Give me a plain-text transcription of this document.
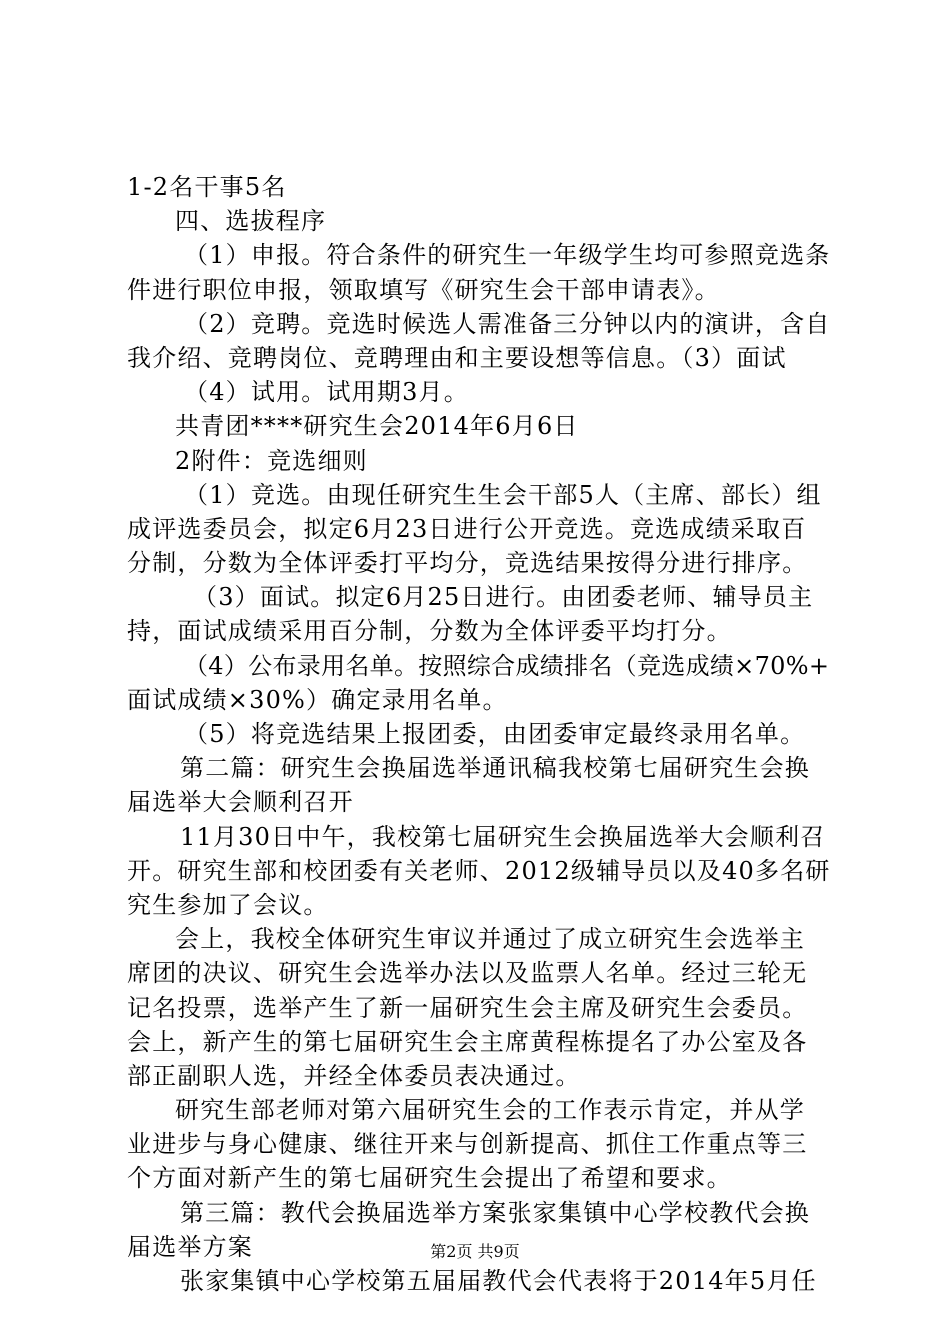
1-2名干事5名
四、选拔程序
（1）申报。符合条件的研究生一年级学生均可参照竞选条
件进行职位申报，领取填写《研究生会干部申请表》。
（2）竞聘。竞选时候选人需准备三分钟以内的演讲，含自
我介绍、竞聘岗位、竞聘理由和主要设想等信息。（3）面试
（4）试用。试用期3月。
共青团****研究生会2014年6月6日
2附件：竞选细则
（1）竞选。由现任研究生生会干部5人（主席、部长）组
成评选委员会，拟定6月23日进行公开竞选。竞选成绩采取百
分制，分数为全体评委打平均分，竞选结果按得分进行排序。
（3）面试。拟定6月25日进行。由团委老师、辅导员主
持，面试成绩采用百分制，分数为全体评委平均打分。
（4）公布录用名单。按照综合成绩排名（竞选成绩×70%+
面试成绩×30%）确定录用名单。
（5）将竞选结果上报团委，由团委审定最终录用名单。
第二篇：研究生会换届选举通讯稿我校第七届研究生会换
届选举大会顺利召开
11月30日中午，我校第七届研究生会换届选举大会顺利召
开。研究生部和校团委有关老师、2012级辅导员以及40多名研
究生参加了会议。
会上，我校全体研究生审议并通过了成立研究生会选举主
席团的决议、研究生会选举办法以及监票人名单。经过三轮无
记名投票，选举产生了新一届研究生会主席及研究生会委员。
会上，新产生的第七届研究生会主席黄程栋提名了办公室及各
部正副职人选，并经全体委员表决通过。
研究生部老师对第六届研究生会的工作表示肯定，并从学
业进步与身心健康、继往开来与创新提高、抓住工作重点等三
个方面对新产生的第七届研究生会提出了希望和要求。
第三篇：教代会换届选举方案张家集镇中心学校教代会换
届选举方案
张家集镇中心学校第五届届教代会代表将于2014年5月任
第2页 共9页
